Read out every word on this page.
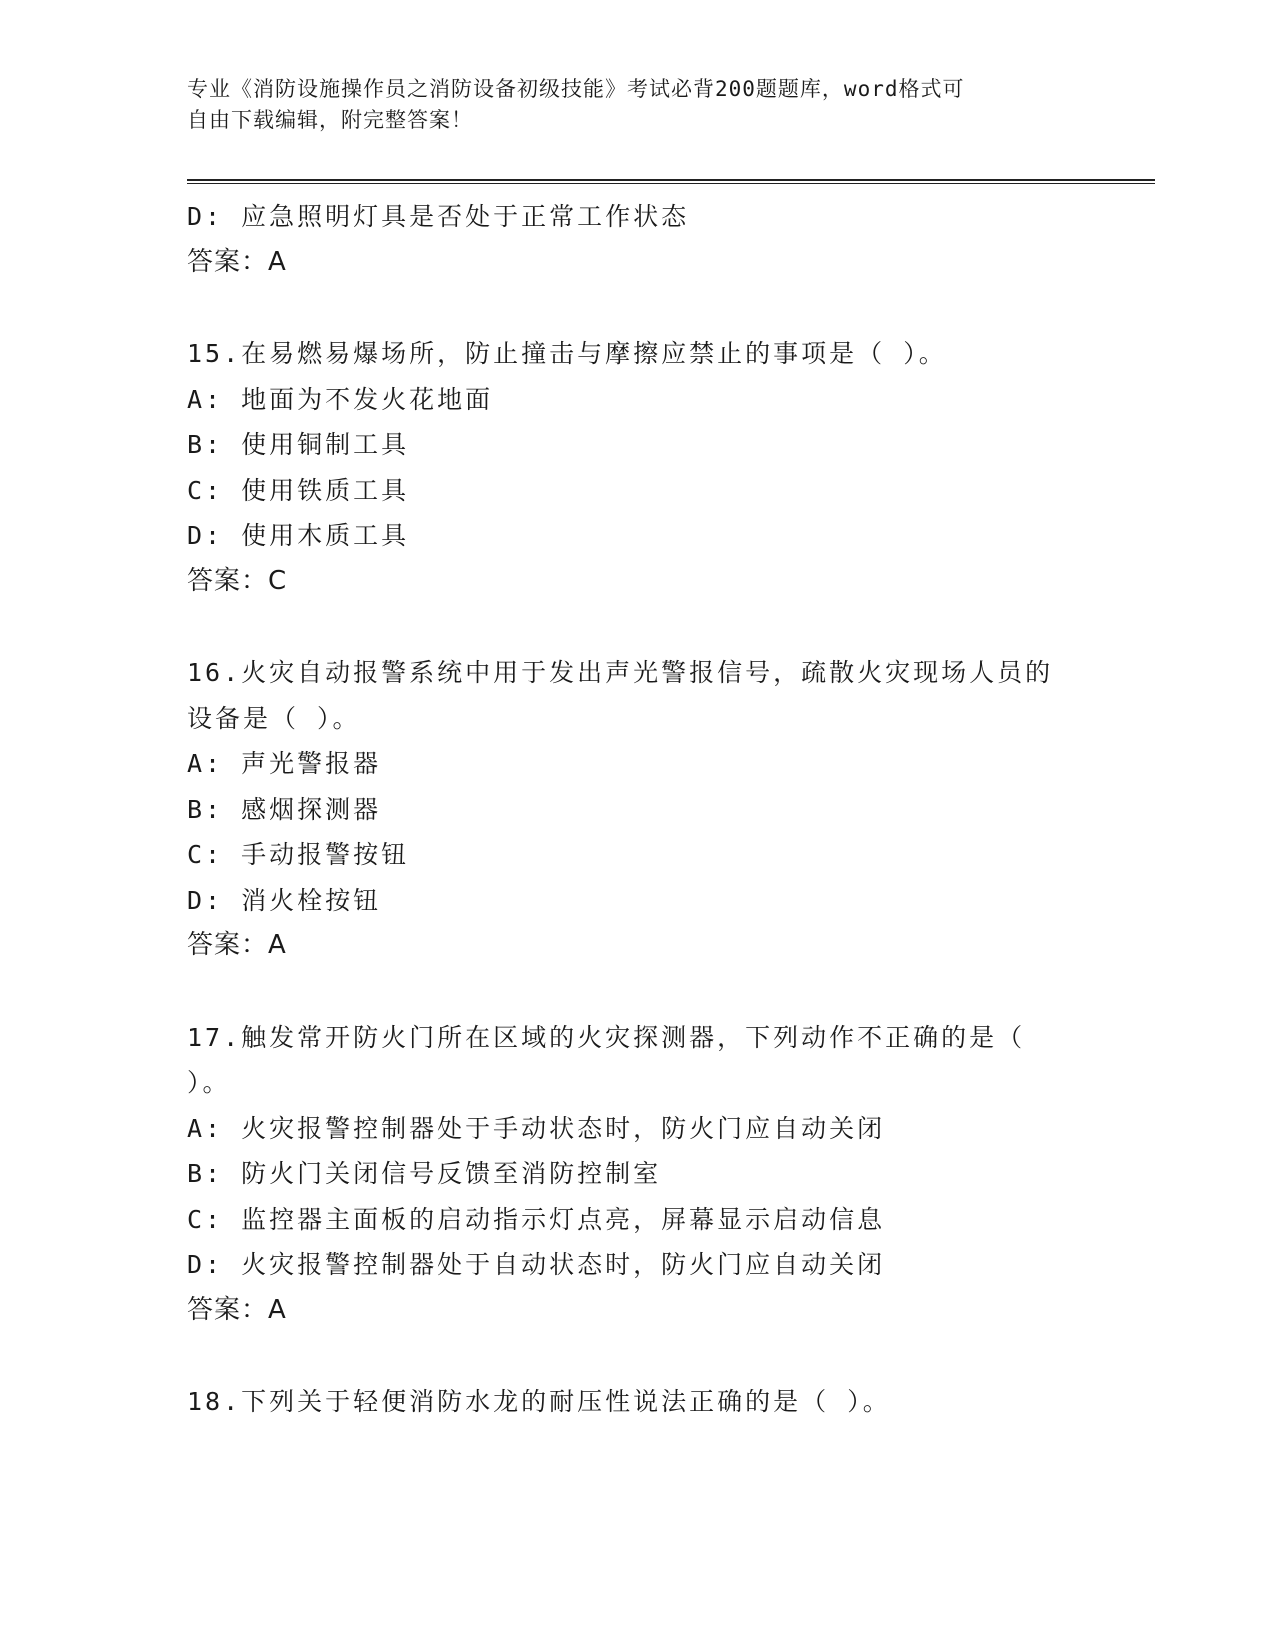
专业《消防设施操作员之消防设备初级技能》考试必背200题题库，word格式可
自由下载编辑，附完整答案！
D: 应急照明灯具是否处于正常工作状态
答案：A
15.在易燃易爆场所，防止撞击与摩擦应禁止的事项是（ ）。
A: 地面为不发火花地面
B: 使用铜制工具
C: 使用铁质工具
D: 使用木质工具
答案：C
16.火灾自动报警系统中用于发出声光警报信号，疏散火灾现场人员的
设备是（ ）。
A: 声光警报器
B: 感烟探测器
C: 手动报警按钮
D: 消火栓按钮
答案：A
17.触发常开防火门所在区域的火灾探测器，下列动作不正确的是（
）。
A: 火灾报警控制器处于手动状态时，防火门应自动关闭
B: 防火门关闭信号反馈至消防控制室
C: 监控器主面板的启动指示灯点亮，屏幕显示启动信息
D: 火灾报警控制器处于自动状态时，防火门应自动关闭
答案：A
18.下列关于轻便消防水龙的耐压性说法正确的是（ ）。
